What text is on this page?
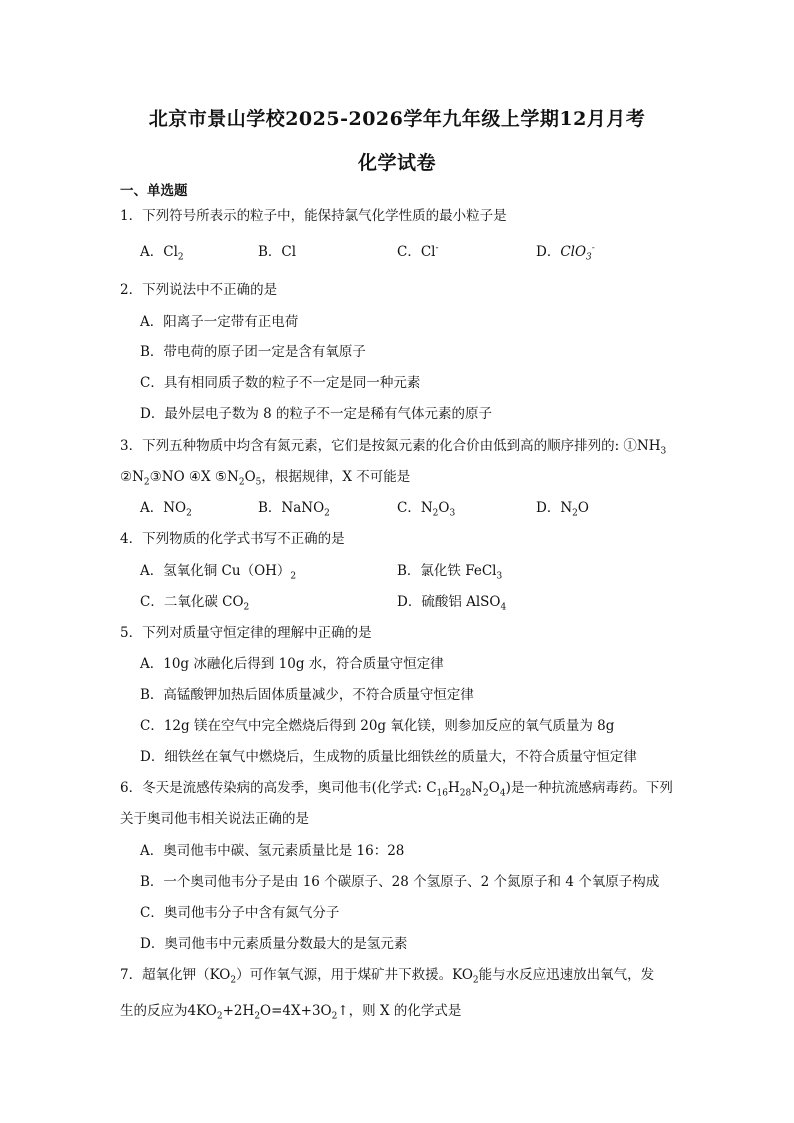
北京市景山学校2025-2026学年九年级上学期12月月考
化学试卷
一、单选题
1．下列符号所表示的粒子中，能保持氯气化学性质的最小粒子是
A．$Cl_2$	B．Cl	C．Cl-	D．ClO$_3$-
2．下列说法中不正确的是
A．阳离子一定带有正电荷
B．带电荷的原子团一定是含有氧原子
C．具有相同质子数的粒子不一定是同一种元素
D．最外层电子数为 8 的粒子不一定是稀有气体元素的原子
3．下列五种物质中均含有氮元素，它们是按氮元素的化合价由低到高的顺序排列的: $①NH_3$
$②N_2③NO$ ④X $⑤N_2O_5$，根据规律，X 不可能是
A．$NO_2$	B．NaNO$_2$	C．$N_2O_3$	D．$N_2O$
4．下列物质的化学式书写不正确的是
A．氢氧化铜 $Cu(OH)_2$	B．氯化铁 FeCl$_3$
C．二氧化碳 $CO_2$	D．硫酸铝 AlSO$_4$
5．下列对质量守恒定律的理解中正确的是
A．10g 冰融化后得到 10g 水，符合质量守恒定律
B．高锰酸钾加热后固体质量减少，不符合质量守恒定律
C．12g 镁在空气中完全燃烧后得到 20g 氧化镁，则参加反应的氧气质量为 8g
D．细铁丝在氧气中燃烧后，生成物的质量比细铁丝的质量大，不符合质量守恒定律
6．冬天是流感传染病的高发季，奥司他韦(化学式: $C_{16}H_{28}N_2O_4$)是一种抗流感病毒药。下列
关于奥司他韦相关说法正确的是
A．奥司他韦中碳、氢元素质量比是 16：28
B．一个奥司他韦分子是由 16 个碳原子、28 个氢原子、2 个氮原子和 4 个氧原子构成
C．奥司他韦分子中含有氮气分子
D．奥司他韦中元素质量分数最大的是氢元素
7．超氧化钾$(KO_2)$可作氧气源，用于煤矿井下救援。$KO_2$能与水反应迅速放出氧气，发
生的反应为$4KO_2+2H_2O=4X+3O_2↑$，则 X 的化学式是
